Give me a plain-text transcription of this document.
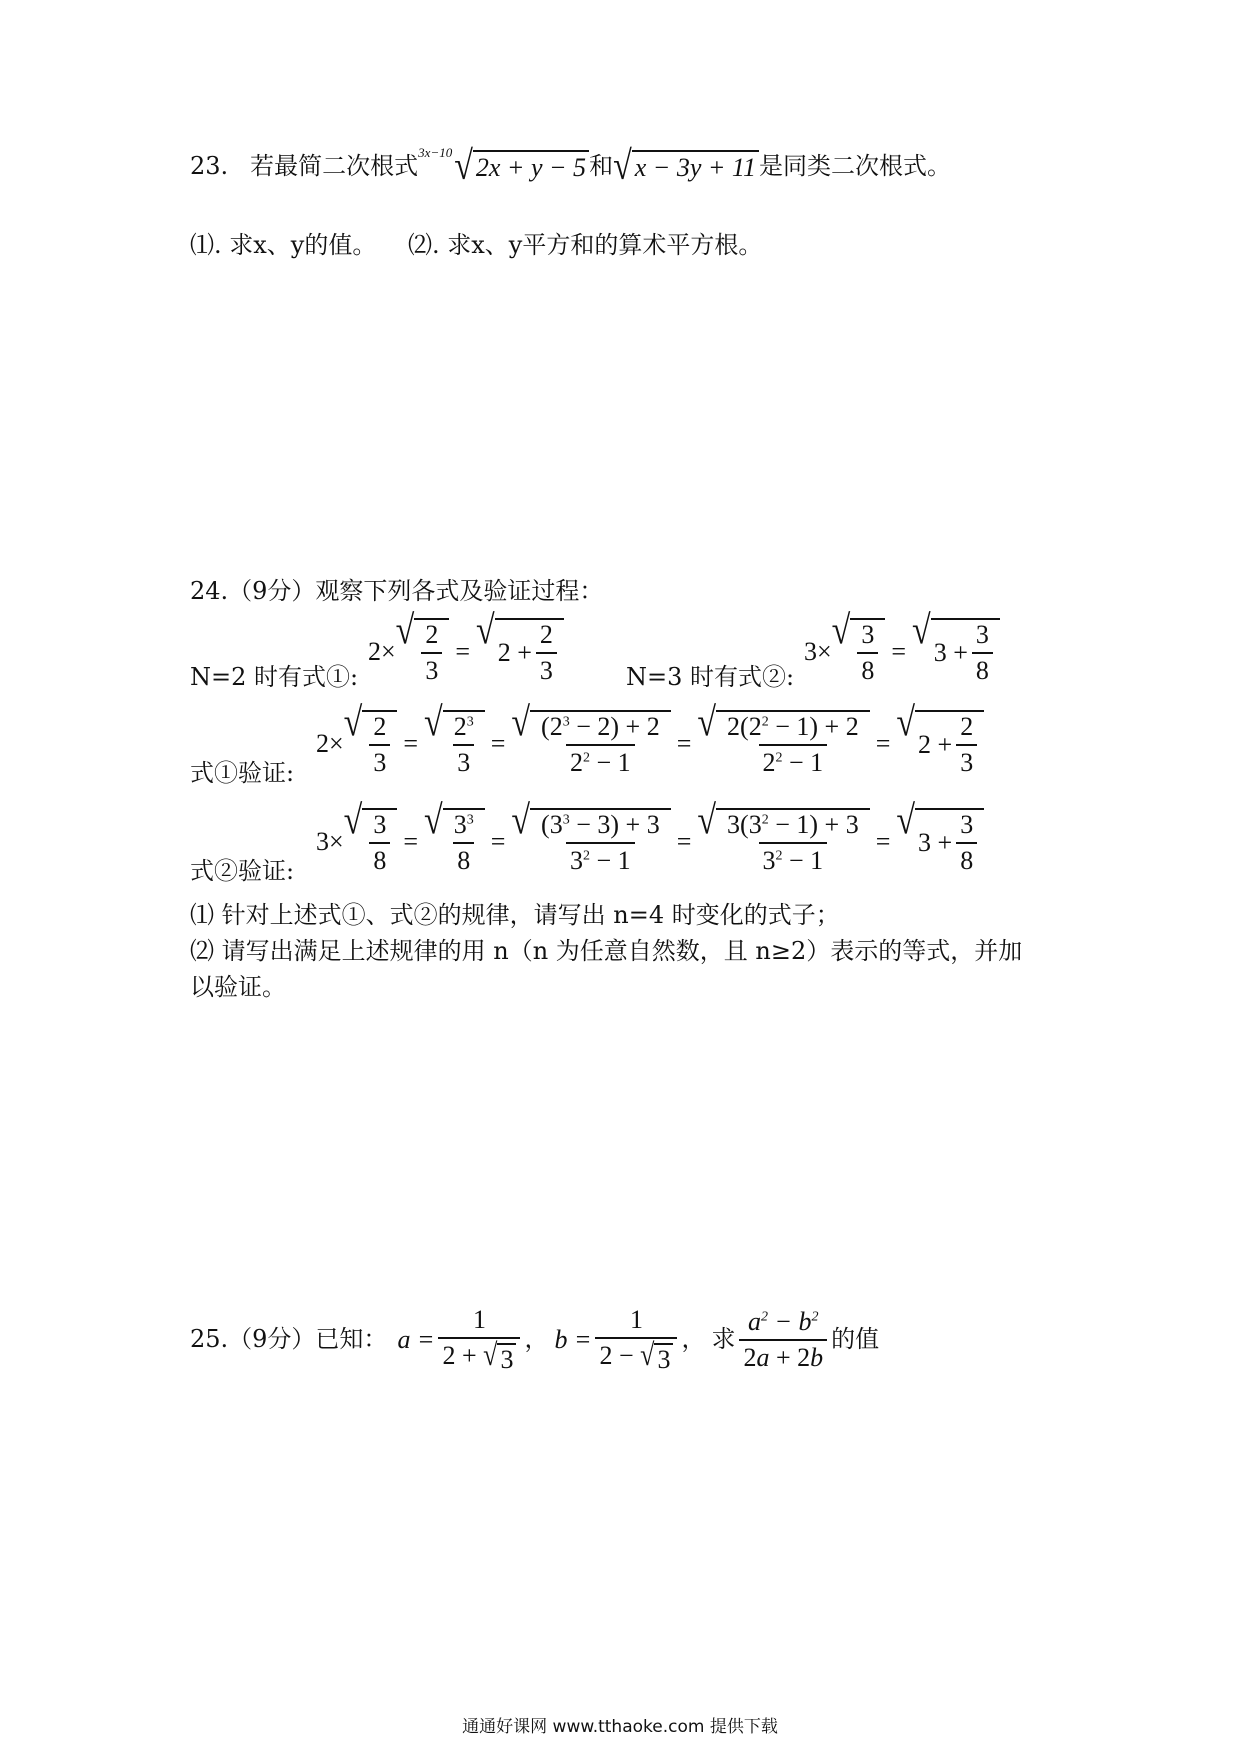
23. 若最简二次根式
3x−10 √ 2x + y − 5 和 √ x − 3y + 11 是同类二次根式。
⑴. 求x、y的值。 ⑵. 求x、y平方和的算术平方根。
24.（9分）观察下列各式及验证过程：
N=2 时有式①:
2× √ $\frac{2}{3}$ = √ $2 + \frac{2}{3}$	N=3 时有式②:
3× √ $\frac{3}{8}$ = √ $3 + \frac{3}{8}$
式①验证:
2× √ $\frac{2}{3}$ = √ $\frac{2^3}{3}$ = √ $\frac{(2^3 - 2) + 2}{2^2 - 1}$ = √ $\frac{2(2^2 - 1) + 2}{2^2 - 1}$ = √ $2 + \frac{2}{3}$
式②验证:
3× √ $\frac{3}{8}$ = √ $\frac{3^3}{8}$ = √ $\frac{(3^3 - 3) + 3}{3^2 - 1}$ = √ $\frac{3(3^2 - 1) + 3}{3^2 - 1}$ = √ $3 + \frac{3}{8}$
⑴ 针对上述式①、式②的规律，请写出 n=4 时变化的式子；
⑵ 请写出满足上述规律的用 n（n 为任意自然数，且 n≥2）表示的等式，并加
以验证。
25.（9分）已知： $a = \frac{1}{2 + √ 3}$ ， $b = \frac{1}{2 - √ 3}$ ， 求 $\frac{a^2 - b^2}{2a + 2b}$ 的值
通通好课网 www.tthaoke.com 提供下载
